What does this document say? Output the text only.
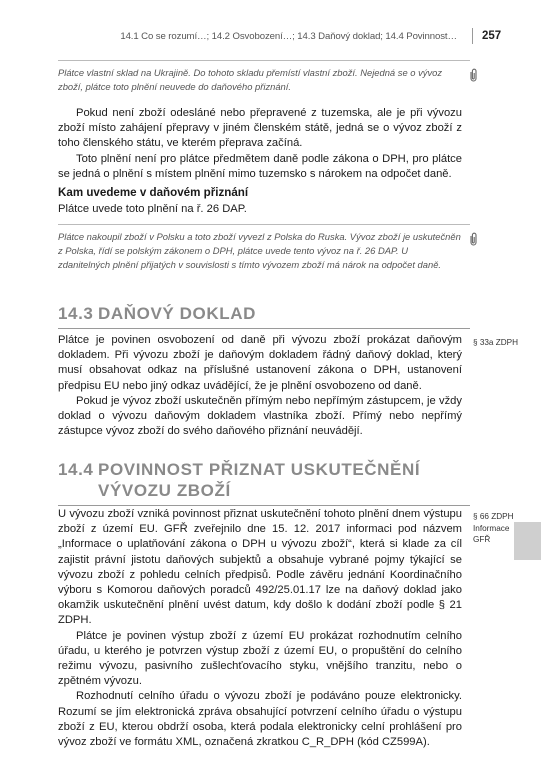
14.1 Co se rozumí…; 14.2 Osvobození…; 14.3 Daňový doklad; 14.4 Povinnost… 257
Plátce vlastní sklad na Ukrajině. Do tohoto skladu přemístí vlastní zboží. Nejedná se o vývoz zboží, plátce toto plnění neuvede do daňového přiznání.

Pokud není zboží odesláné nebo přepravené z tuzemska, ale je při vývozu zboží místo zahájení přepravy v jiném členském státě, jedná se o vývoz zboží z toho členského státu, ve kterém přeprava začíná.

Toto plnění není pro plátce předmětem daně podle zákona o DPH, pro plátce se jedná o plnění s místem plnění mimo tuzemsko s nárokem na odpočet daně.

Kam uvedeme v daňovém přiznání
Plátce uvede toto plnění na ř. 26 DAP.
Plátce nakoupil zboží v Polsku a toto zboží vyvezl z Polska do Ruska. Vývoz zboží je uskutečněn z Polska, řídí se polským zákonem o DPH, plátce uvede tento vývoz na ř. 26 DAP. U zdanitelných plnění přijatých v souvislosti s tímto vývozem zboží má nárok na odpočet daně.
14.3 DAŇOVÝ DOKLAD
§ 33a ZDPH

Plátce je povinen osvobození od daně při vývozu zboží prokázat daňovým dokladem. Při vývozu zboží je daňovým dokladem řádný daňový doklad, který musí obsahovat odkaz na příslušné ustanovení zákona o DPH, ustanovení předpisu EU nebo jiný odkaz uvádějící, že je plnění osvobozeno od daně.

Pokud je vývoz zboží uskutečněn přímým nebo nepřímým zástupcem, je vždy doklad o vývozu daňovým dokladem vlastníka zboží. Přímý nebo nepřímý zástupce vývoz zboží do svého daňového přiznání neuvádějí.

14.4 POVINNOST PŘIZNAT USKUTEČNĚNÍ
VÝVOZU ZBOŽÍ
§ 66 ZDPH
Informace
GFŘ

U vývozu zboží vzniká povinnost přiznat uskutečnění tohoto plnění dnem výstupu zboží z území EU. GFŘ zveřejnilo dne 15. 12. 2017 informaci pod názvem „Informace o uplatňování zákona o DPH u vývozu zboží“, která si klade za cíl zajistit právní jistotu daňových subjektů a obsahuje vybrané pojmy týkající se vývozu zboží z pohledu celních předpisů. Podle závěru jednání Koordinačního výboru s Komorou daňových poradců 492/25.01.17 lze na daňový doklad jako okamžik uskutečnění plnění uvést datum, kdy došlo k dodání zboží podle § 21 ZDPH.

Plátce je povinen výstup zboží z území EU prokázat rozhodnutím celního úřadu, u kterého je potvrzen výstup zboží z území EU, o propuštění do celního režimu vývozu, pasivního zušlechťovacího styku, vnějšího tranzitu, nebo o zpětném vývozu.

Rozhodnutí celního úřadu o vývozu zboží je podáváno pouze elektronicky. Rozumí se jím elektronická zpráva obsahující potvrzení celního úřadu o výstupu zboží z EU, kterou obdrží osoba, která podala elektronicky celní prohlášení pro vývoz zboží ve formátu XML, označená zkratkou C_R_DPH (kód CZ599A).
